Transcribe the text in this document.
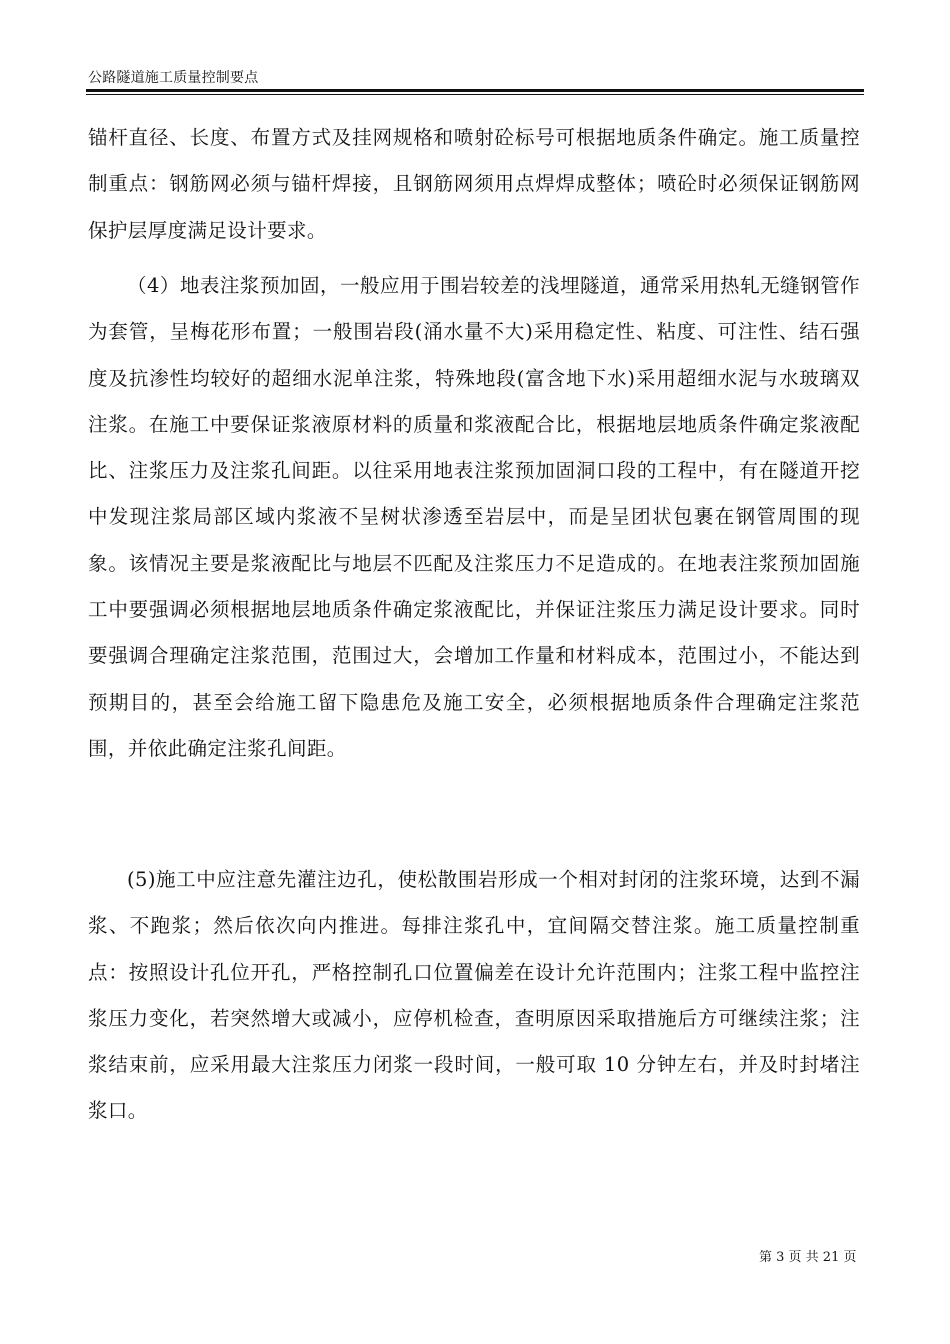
公路隧道施工质量控制要点

锚杆直径、长度、布置方式及挂网规格和喷射砼标号可根据地质条件确定。施工质量控制重点：钢筋网必须与锚杆焊接，且钢筋网须用点焊焊成整体；喷砼时必须保证钢筋网保护层厚度满足设计要求。

（4）地表注浆预加固，一般应用于围岩较差的浅埋隧道，通常采用热轧无缝钢管作为套管，呈梅花形布置；一般围岩段(涌水量不大)采用稳定性、粘度、可注性、结石强度及抗渗性均较好的超细水泥单注浆，特殊地段(富含地下水)采用超细水泥与水玻璃双注浆。在施工中要保证浆液原材料的质量和浆液配合比，根据地层地质条件确定浆液配比、注浆压力及注浆孔间距。以往采用地表注浆预加固洞口段的工程中，有在隧道开挖中发现注浆局部区域内浆液不呈树状渗透至岩层中，而是呈团状包裹在钢管周围的现象。该情况主要是浆液配比与地层不匹配及注浆压力不足造成的。在地表注浆预加固施工中要强调必须根据地层地质条件确定浆液配比，并保证注浆压力满足设计要求。同时要强调合理确定注浆范围，范围过大，会增加工作量和材料成本，范围过小，不能达到预期目的，甚至会给施工留下隐患危及施工安全，必须根据地质条件合理确定注浆范围，并依此确定注浆孔间距。

(5)施工中应注意先灌注边孔，使松散围岩形成一个相对封闭的注浆环境，达到不漏浆、不跑浆；然后依次向内推进。每排注浆孔中，宜间隔交替注浆。施工质量控制重点：按照设计孔位开孔，严格控制孔口位置偏差在设计允许范围内；注浆工程中监控注浆压力变化，若突然增大或减小，应停机检查，查明原因采取措施后方可继续注浆；注浆结束前，应采用最大注浆压力闭浆一段时间，一般可取 10 分钟左右，并及时封堵注浆口。

第 3 页 共 21 页
